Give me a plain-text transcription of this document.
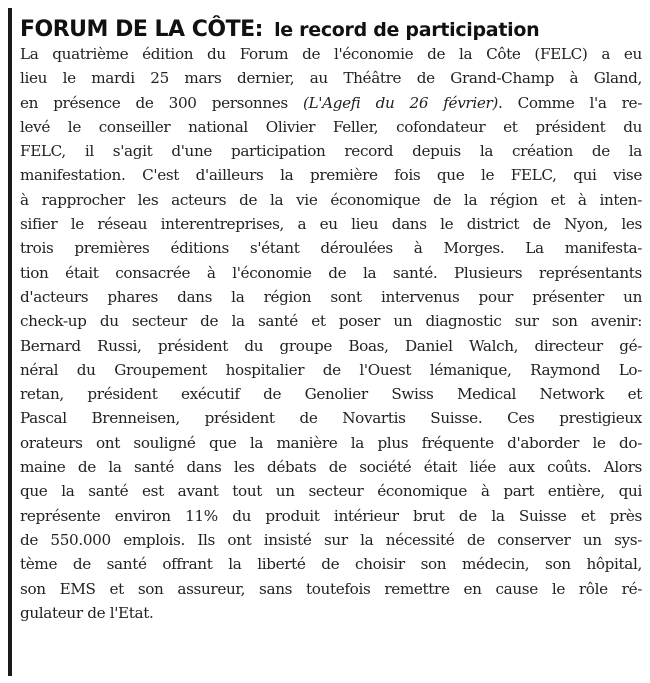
FORUM DE LA CÔTE: le record de participation
La quatrième édition du Forum de l'économie de la Côte (FELC) a eu
lieu le mardi 25 mars dernier, au Théâtre de Grand-Champ à Gland,
en présence de 300 personnes (L'Agefi du 26 février). Comme l'a re-
levé le conseiller national Olivier Feller, cofondateur et président du
FELC, il s'agit d'une participation record depuis la création de la
manifestation. C'est d'ailleurs la première fois que le FELC, qui vise
à rapprocher les acteurs de la vie économique de la région et à inten-
sifier le réseau interentreprises, a eu lieu dans le district de Nyon, les
trois premières éditions s'étant déroulées à Morges. La manifesta-
tion était consacrée à l'économie de la santé. Plusieurs représentants
d'acteurs phares dans la région sont intervenus pour présenter un
check-up du secteur de la santé et poser un diagnostic sur son avenir:
Bernard Russi, président du groupe Boas, Daniel Walch, directeur gé-
néral du Groupement hospitalier de l'Ouest lémanique, Raymond Lo-
retan, président exécutif de Genolier Swiss Medical Network et
Pascal Brenneisen, président de Novartis Suisse. Ces prestigieux
orateurs ont souligné que la manière la plus fréquente d'aborder le do-
maine de la santé dans les débats de société était liée aux coûts. Alors
que la santé est avant tout un secteur économique à part entière, qui
représente environ 11% du produit intérieur brut de la Suisse et près
de 550.000 emplois. Ils ont insisté sur la nécessité de conserver un sys-
tème de santé offrant la liberté de choisir son médecin, son hôpital,
son EMS et son assureur, sans toutefois remettre en cause le rôle ré-
gulateur de l'Etat.
